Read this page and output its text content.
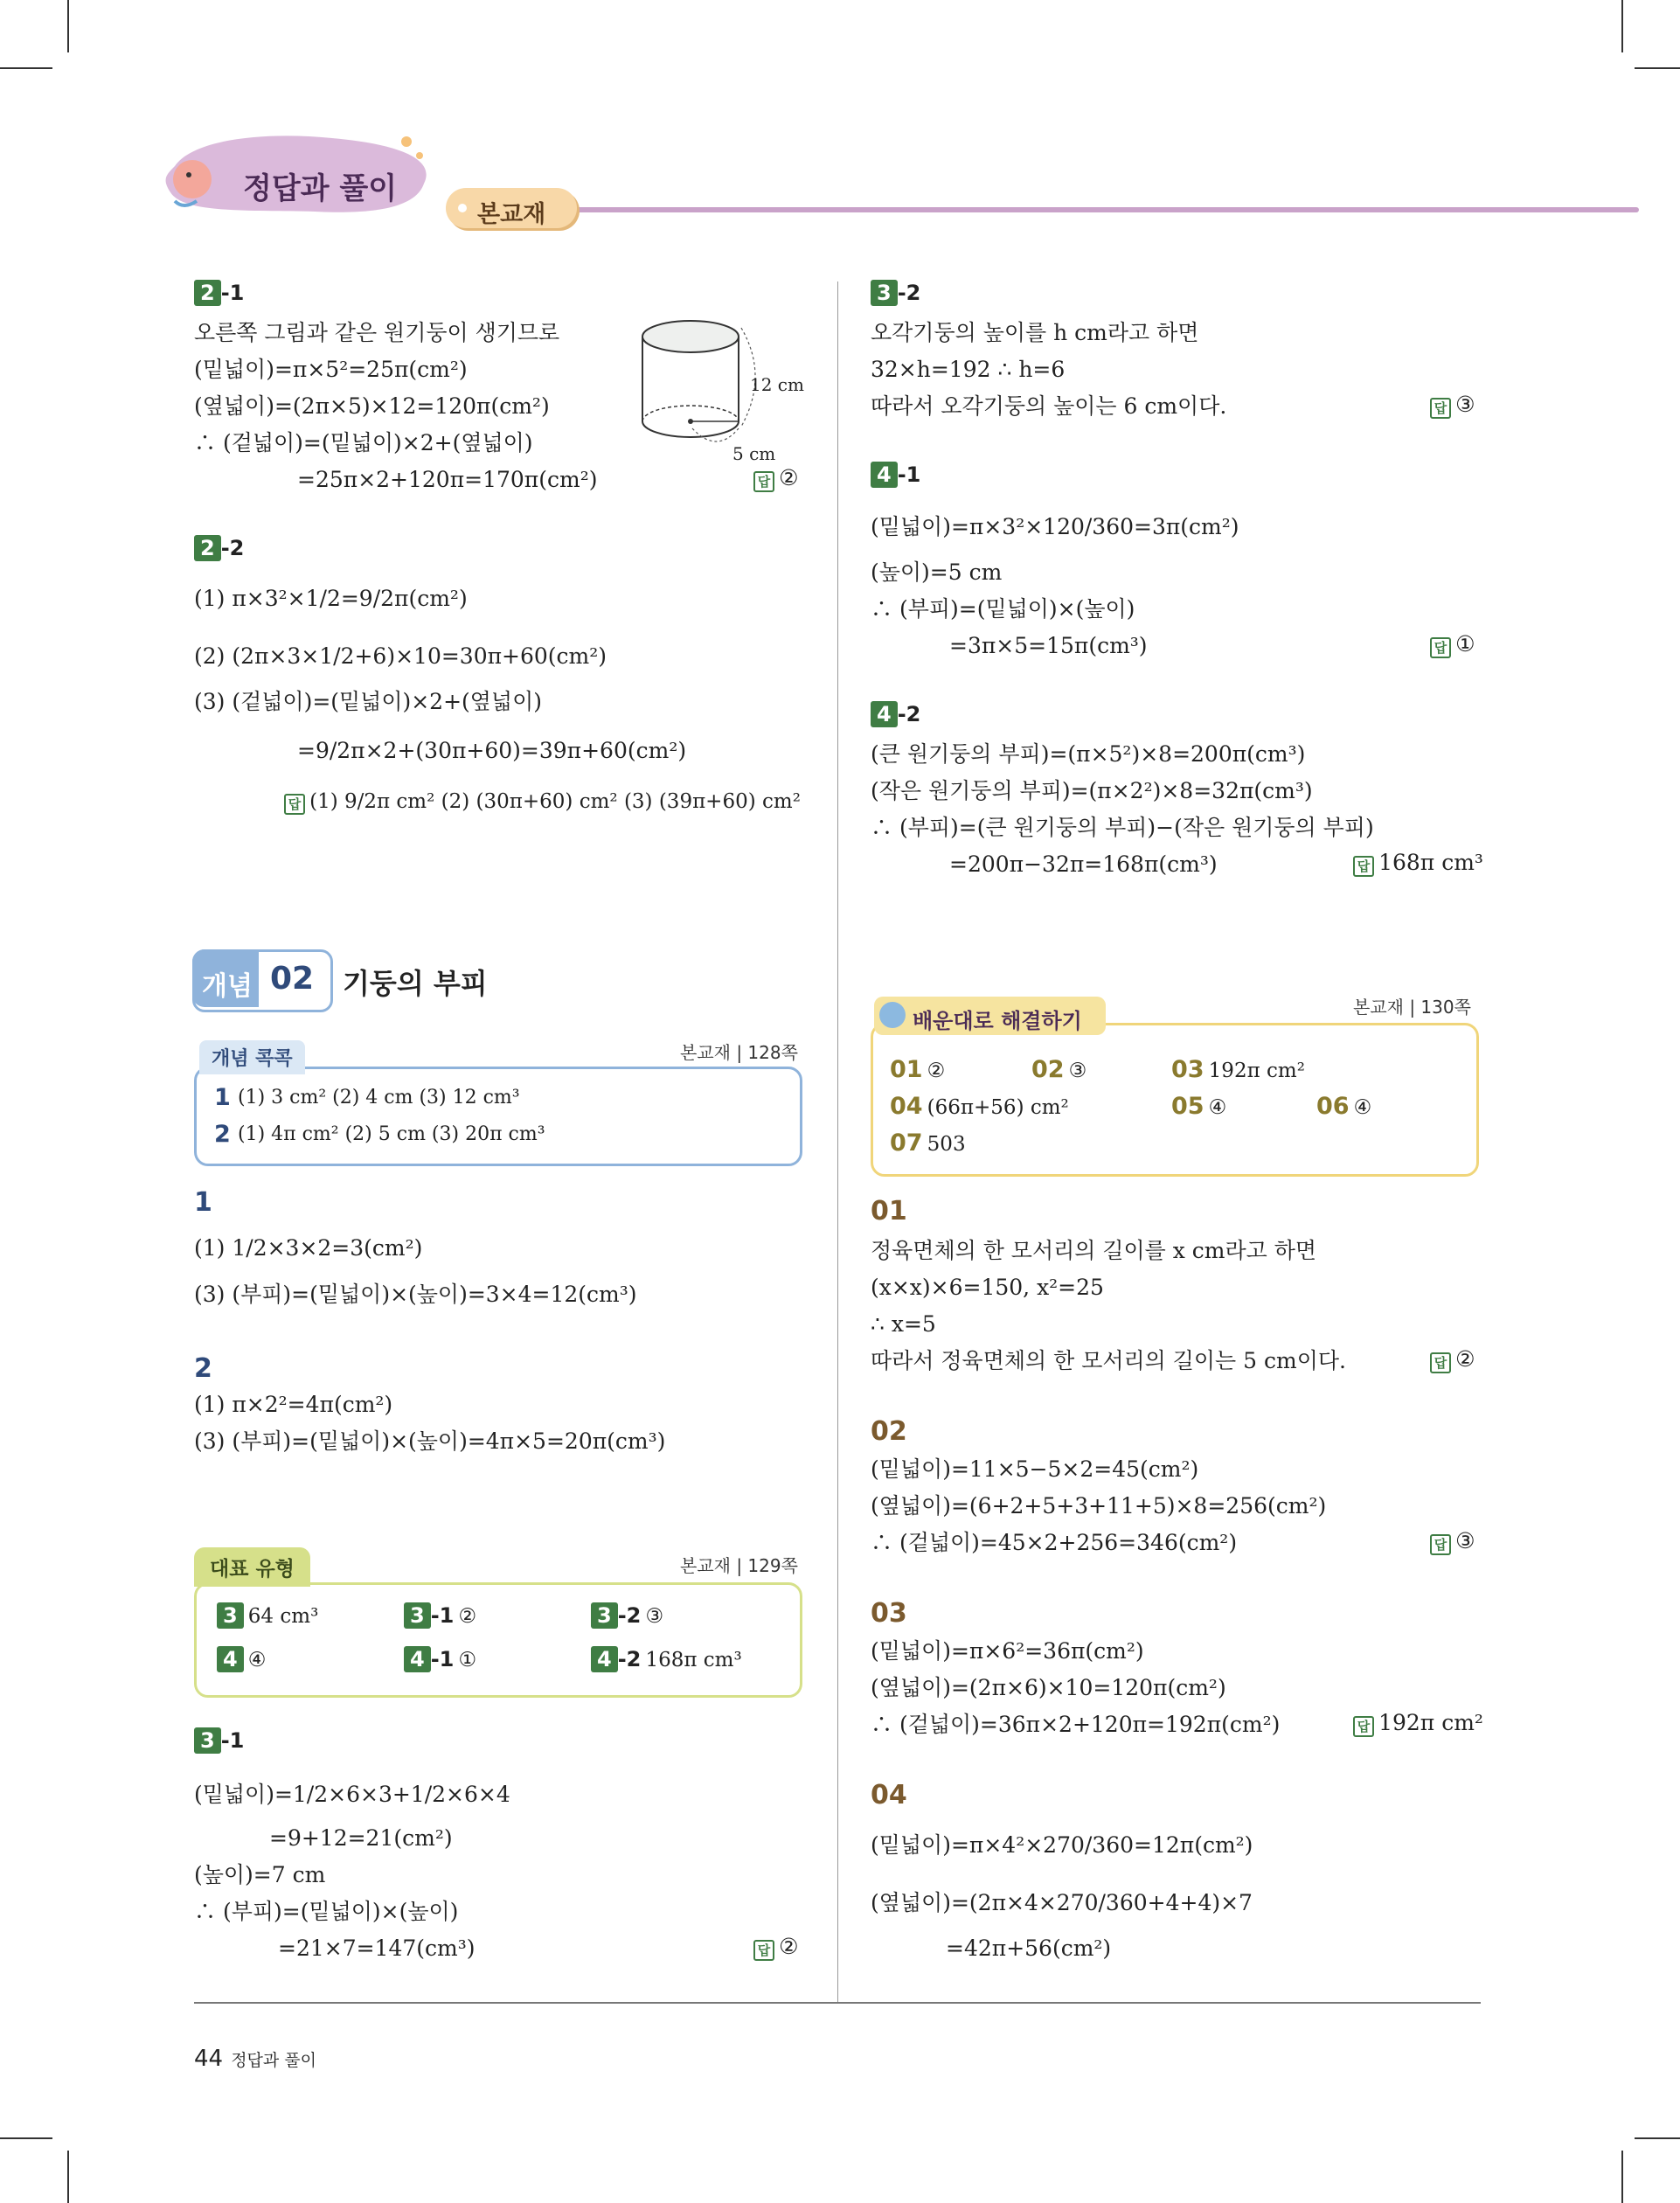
정답과 풀이
본교재
2 -1
오른쪽 그림과 같은 원기둥이 생기므로
(밑넓이)=π×5²=25π(cm²)
(옆넓이)=(2π×5)×12=120π(cm²)
∴ (겉넓이)=(밑넓이)×2+(옆넓이)
=25π×2+120π=170π(cm²)
12 cm
5 cm
답 ②
2 -2
(1) π×3²×1/2=9/2π(cm²)
(2) (2π×3×1/2+6)×10=30π+60(cm²)
(3) (겉넓이)=(밑넓이)×2+(옆넓이)
=9/2π×2+(30π+60)=39π+60(cm²)
답 (1) 9/2π cm² (2) (30π+60) cm² (3) (39π+60) cm²
개념 02 기둥의 부피
개념 콕콕	본교재 | 128쪽
1 (1) 3 cm² (2) 4 cm (3) 12 cm³
2 (1) 4π cm² (2) 5 cm (3) 20π cm³
1
(1) 1/2×3×2=3(cm²)
(3) (부피)=(밑넓이)×(높이)=3×4=12(cm³)
2
(1) π×2²=4π(cm²)
(3) (부피)=(밑넓이)×(높이)=4π×5=20π(cm³)
대표 유형	본교재 | 129쪽
3 64 cm³	3 -1 ②	3 -2 ③
4 ④	4 -1 ①	4 -2 168π cm³
3 -1
(밑넓이)=1/2×6×3+1/2×6×4
=9+12=21(cm²)
(높이)=7 cm
∴ (부피)=(밑넓이)×(높이)
=21×7=147(cm³)	답 ②
3 -2
오각기둥의 높이를 h cm라고 하면
32×h=192 ∴ h=6
따라서 오각기둥의 높이는 6 cm이다.	답 ③
4 -1
(밑넓이)=π×3²×120/360=3π(cm²)
(높이)=5 cm
∴ (부피)=(밑넓이)×(높이)
=3π×5=15π(cm³)	답 ①
4 -2
(큰 원기둥의 부피)=(π×5²)×8=200π(cm³)
(작은 원기둥의 부피)=(π×2²)×8=32π(cm³)
∴ (부피)=(큰 원기둥의 부피)−(작은 원기둥의 부피)
=200π−32π=168π(cm³)	답 168π cm³
본교재 | 130쪽
배운대로 해결하기
01 ②	02 ③	03 192π cm²
04 (66π+56) cm²	05 ④	06 ④
07 503
01
정육면체의 한 모서리의 길이를 x cm라고 하면
(x×x)×6=150, x²=25
∴ x=5
따라서 정육면체의 한 모서리의 길이는 5 cm이다.	답 ②
02
(밑넓이)=11×5−5×2=45(cm²)
(옆넓이)=(6+2+5+3+11+5)×8=256(cm²)
∴ (겉넓이)=45×2+256=346(cm²)	답 ③
03
(밑넓이)=π×6²=36π(cm²)
(옆넓이)=(2π×6)×10=120π(cm²)
∴ (겉넓이)=36π×2+120π=192π(cm²)	답 192π cm²
04
(밑넓이)=π×4²×270/360=12π(cm²)
(옆넓이)=(2π×4×270/360+4+4)×7
=42π+56(cm²)
44 정답과 풀이
